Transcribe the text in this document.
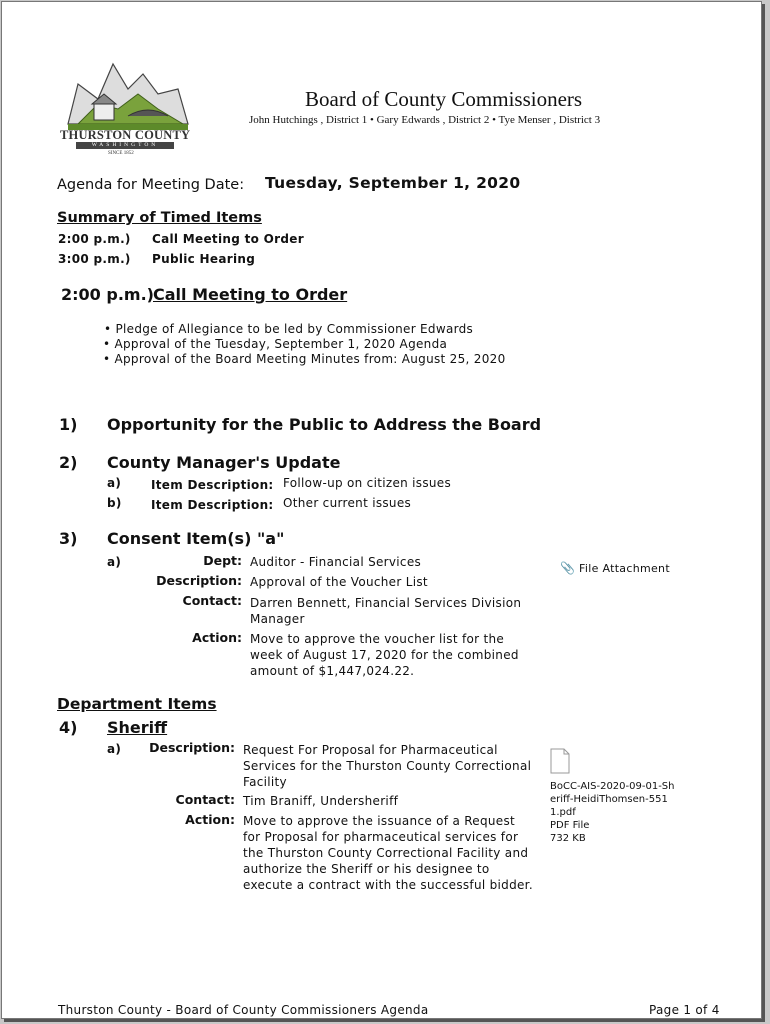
THURSTON COUNTY
WASHINGTON
SINCE 1852
Board of County Commissioners
John Hutchings , District 1 • Gary Edwards , District 2 • Tye Menser , District 3
Agenda for Meeting Date: Tuesday, September 1, 2020
Summary of Timed Items
2:00 p.m.) Call Meeting to Order
3:00 p.m.) Public Hearing
2:00 p.m.) Call Meeting to Order
• Pledge of Allegiance to be led by Commissioner Edwards
• Approval of the Tuesday, September 1, 2020 Agenda
• Approval of the Board Meeting Minutes from: August 25, 2020
1) Opportunity for the Public to Address the Board
2) County Manager's Update
a) Item Description: Follow-up on citizen issues
b) Item Description: Other current issues
3) Consent Item(s) "a"
a)	Dept: Auditor - Financial Services
Description: Approval of the Voucher List
Contact: Darren Bennett, Financial Services Division Manager
Action: Move to approve the voucher list for the week of August 17, 2020 for the combined amount of $1,447,024.22.
📎 File Attachment
Department Items
4) Sheriff
a)	Description: Request For Proposal for Pharmaceutical Services for the Thurston County Correctional Facility
Contact: Tim Braniff, Undersheriff
Action: Move to approve the issuance of a Request for Proposal for pharmaceutical services for the Thurston County Correctional Facility and authorize the Sheriff or his designee to execute a contract with the successful bidder.
BoCC-AIS-2020-09-01-Sheriff-HeidiThomsen-5511.pdf
PDF File
732 KB
Thurston County - Board of County Commissioners Agenda	Page 1 of 4
